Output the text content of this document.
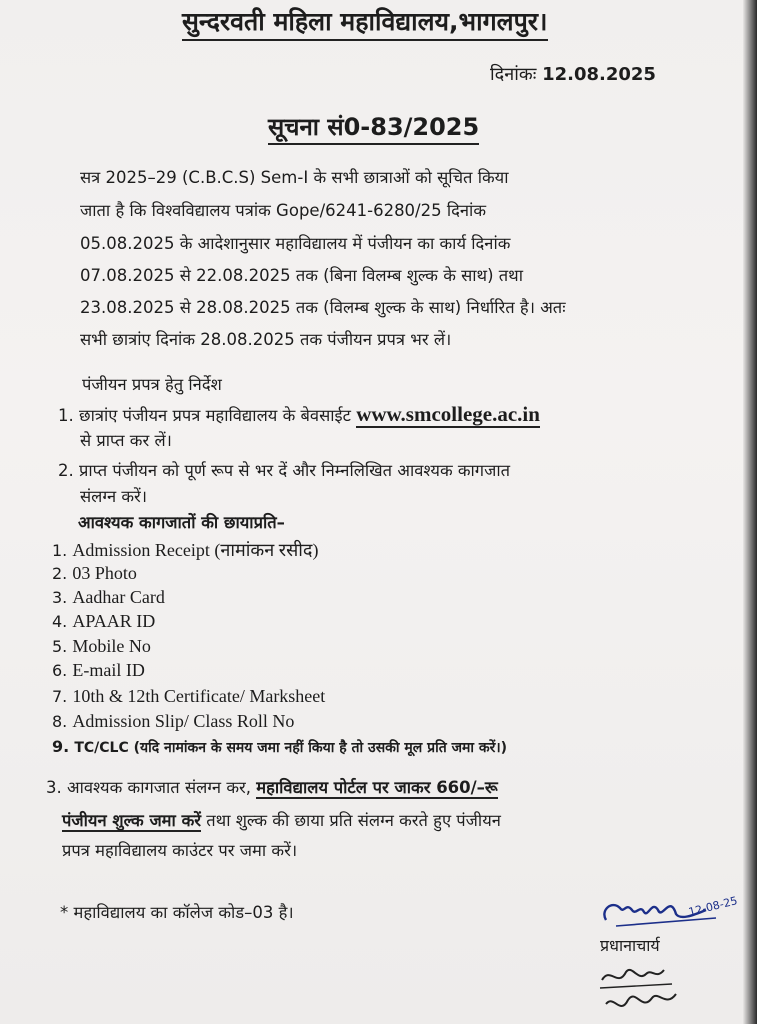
सुन्दरवती महिला महाविद्यालय,भागलपुर।
दिनांकः 12.08.2025
सूचना सं0-83/2025
सत्र 2025–29 (C.B.C.S) Sem-I के सभी छात्राओं को सूचित किया
जाता है कि विश्वविद्यालय पत्रांक Gope/6241-6280/25 दिनांक
05.08.2025 के आदेशानुसार महाविद्यालय में पंजीयन का कार्य दिनांक
07.08.2025 से 22.08.2025 तक (बिना विलम्ब शुल्क के साथ) तथा
23.08.2025 से 28.08.2025 तक (विलम्ब शुल्क के साथ) निर्धारित है। अतः
सभी छात्रांए दिनांक 28.08.2025 तक पंजीयन प्रपत्र भर लें।
पंजीयन प्रपत्र हेतु निर्देश
1. छात्रांए पंजीयन प्रपत्र महाविद्यालय के बेवसाईट www.smcollege.ac.in
से प्राप्त कर लें।
2. प्राप्त पंजीयन को पूर्ण रूप से भर दें और निम्नलिखित आवश्यक कागजात
संलग्न करें।
आवश्यक कागजातों की छायाप्रति–
1. Admission Receipt (नामांकन रसीद)
2. 03 Photo
3. Aadhar Card
4. APAAR ID
5. Mobile No
6. E-mail ID
7. 10th & 12th Certificate/ Marksheet
8. Admission Slip/ Class Roll No
9. TC/CLC (यदि नामांकन के समय जमा नहीं किया है तो उसकी मूल प्रति जमा करें।)
3. आवश्यक कागजात संलग्न कर, महाविद्यालय पोर्टल पर जाकर 660/–रू
पंजीयन शुल्क जमा करें तथा शुल्क की छाया प्रति संलग्न करते हुए पंजीयन
प्रपत्र महाविद्यालय काउंटर पर जमा करें।
* महाविद्यालय का कॉलेज कोड–03 है।	12-08-25
प्रधानाचार्य
